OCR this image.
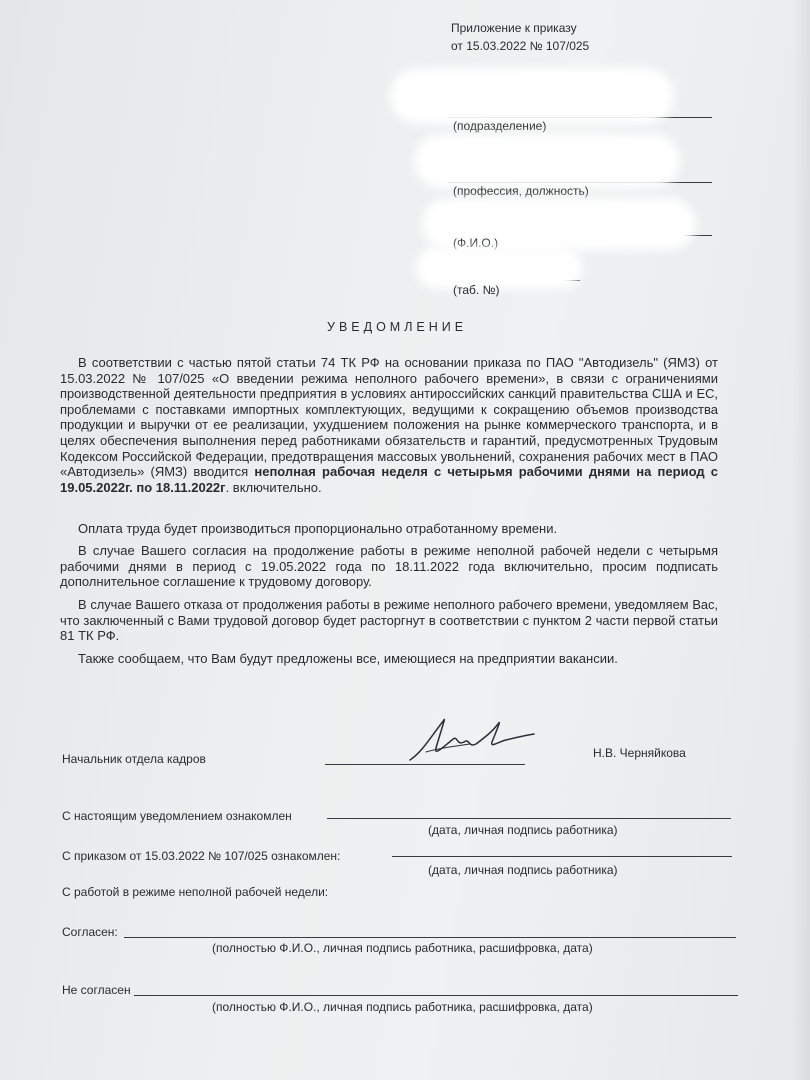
Приложение к приказу
от 15.03.2022 № 107/025
(подразделение)
(профессия, должность)
(Ф.И.О.)
(таб. №)
УВЕДОМЛЕНИЕ
В соответствии с частью пятой статьи 74 ТК РФ на основании приказа по ПАО "Автодизель" (ЯМЗ) от
15.03.2022 № 107/025 «О введении режима неполного рабочего времени», в связи с ограничениями
производственной деятельности предприятия в условиях антироссийских санкций правительства США и ЕС,
проблемами с поставками импортных комплектующих, ведущими к сокращению объемов производства
продукции и выручки от ее реализации, ухудшением положения на рынке коммерческого транспорта, и в
целях обеспечения выполнения перед работниками обязательств и гарантий, предусмотренных Трудовым
Кодексом Российской Федерации, предотвращения массовых увольнений, сохранения рабочих мест в ПАО
«Автодизель» (ЯМЗ) вводится неполная рабочая неделя с четырьмя рабочими днями на период с
19.05.2022г. по 18.11.2022г. включительно.
Оплата труда будет производиться пропорционально отработанному времени.
В случае Вашего согласия на продолжение работы в режиме неполной рабочей недели с четырьмя
рабочими днями в период с 19.05.2022 года по 18.11.2022 года включительно, просим подписать
дополнительное соглашение к трудовому договору.
В случае Вашего отказа от продолжения работы в режиме неполного рабочего времени, уведомляем Вас,
что заключенный с Вами трудовой договор будет расторгнут в соответствии с пунктом 2 части первой статьи
81 ТК РФ.
Также сообщаем, что Вам будут предложены все, имеющиеся на предприятии вакансии.
Начальник отдела кадров	Н.В. Черняйкова
С настоящим уведомлением ознакомлен
(дата, личная подпись работника)
С приказом от 15.03.2022 № 107/025 ознакомлен:
(дата, личная подпись работника)
С работой в режиме неполной рабочей недели:
Согласен:
(полностью Ф.И.О., личная подпись работника, расшифровка, дата)
Не согласен
(полностью Ф.И.О., личная подпись работника, расшифровка, дата)
